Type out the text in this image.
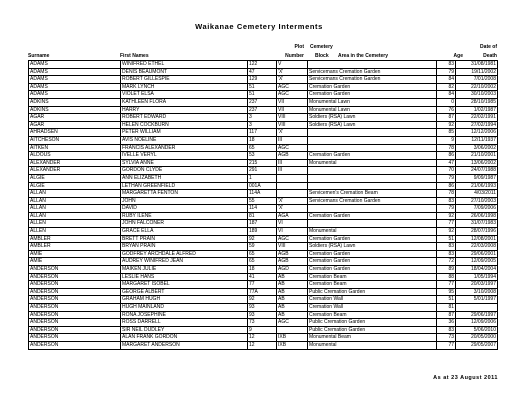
Waikanae Cemetery Interments
Surname	First Names
Plot
Number
Cemetery
Block Area in the Cemetery	Age
Date of
Death
ADAMS	WINIFRED ETHEL	122	V		83	31/08/1981
ADAMS	DENIS BEAUMONT	47	'X'	Servicemans Cremation Garden	79	19/11/2002
ADAMS	ROBERT GILLESPIE	129	'X'	Servicemans Cremation Garden	84	7/01/2008
ADAMS	MARK LYNCH	51	AGC	Cremation Garden	82	22/10/2002
ADAMS	VIOLET ELSA	51	AGC	Cremation Garden	84	30/10/2003
ADKINS	KATHLEEN FLORA	237	VII	Monumental Lawn	0	28/10/1985
ADKINS	HARRY	237	VII	Monumental Lawn	76	1/02/1987
AGAR	ROBERT EDWARD	3	VIII	Soldiers (RSA) Lawn	87	22/02/1991
AGAR	HELEN COCKBURN	3	VIII	Soldiers (RSA) Lawn	92	27/02/1994
AHRADSEN	PETER WILLIAM	117	'X'		85	12/12/2006
AITCHESON	AVIS NOELINE	18	III		9	12/11/1937
AITKEN	FRANCIS ALEXANDER	65	AGC		78	3/06/2002
ALDOUS	IVELLE VERYL	53	AGB	Cremation Garden	86	21/10/2001
ALEXANDER	SYLVIA ANNE	215	III	Monumental	47	13/06/2002
ALEXANDER	GORDON CLYDE	291	III		70	24/07/1988
ALGIE	ANN ELIZABETH	1			79	9/09/1987
ALGIE	LETHAN GREENFIELD	001A			86	21/06/1993
ALLAN	MARGARETTA FENTON	114A		Servicemen's Cremation Beam	78	4/03/2011
ALLAN	JOHN	55	'X'	Servicemans Cremation Garden	83	27/10/2003
ALLAN	DAVID	114	'X'		79	7/09/2006
ALLAN	RUBY ILENE	81	AGA	Cremation Garden	92	26/06/1998
ALLEN	JOHN FALCONER	187	VI		77	31/07/1983
ALLEN	GRACE ELLA	189	VI	Monumental	92	28/07/1996
AMBLER	BRETT PRAIN	92	AGC	Cremation Garden	51	12/08/2001
AMBLER	BRYAN PRAIN	59	VIII	Soldiers (RSA) Lawn	83	22/03/2008
AMIE	GODFREY ARCHDALE ALFRED	65	AGB	Cremation Garden	83	29/06/2001
AMIE	AUDREY WINIFRED JEAN	65	AGB	Cremation Garden	72	12/09/2005
ANDERSON	MAIKEN JULIE	18	AGD	Cremation Garden	89	18/04/2004
ANDERSON	LESLIE HANS	41	AB	Cremation Beam	88	1/05/1994
ANDERSON	MARGARET ISOBEL	77	AB	Cremation Beam	77	20/03/1997
ANDERSON	GEORGE ALBERT	77A	AB	Public Cremation Garden	95	3/10/2008
ANDERSON	GRAHAM HUGH	92	AB	Cremation Wall	51	5/01/1997
ANDERSON	HUGH MAINLAND	93	AB	Cremation Wall	81	
ANDERSON	RONA JOSEPHINE	93	AB	Cremation Beam	87	29/06/1997
ANDERSON	ROSS DARRELL	73	AGC	Public Cremation Garden	36	12/09/2006
ANDERSON	SIR NEIL DUDLEY	9		Public Cremation Garden	83	5/06/2010
ANDERSON	ALAN FRANK GORDON	12	IXB	Monumental Beam	73	20/05/2000
ANDERSON	MARGARET ANDERSON	12	IXB	Monumental	77	29/05/2007
As at 23 August 2011
